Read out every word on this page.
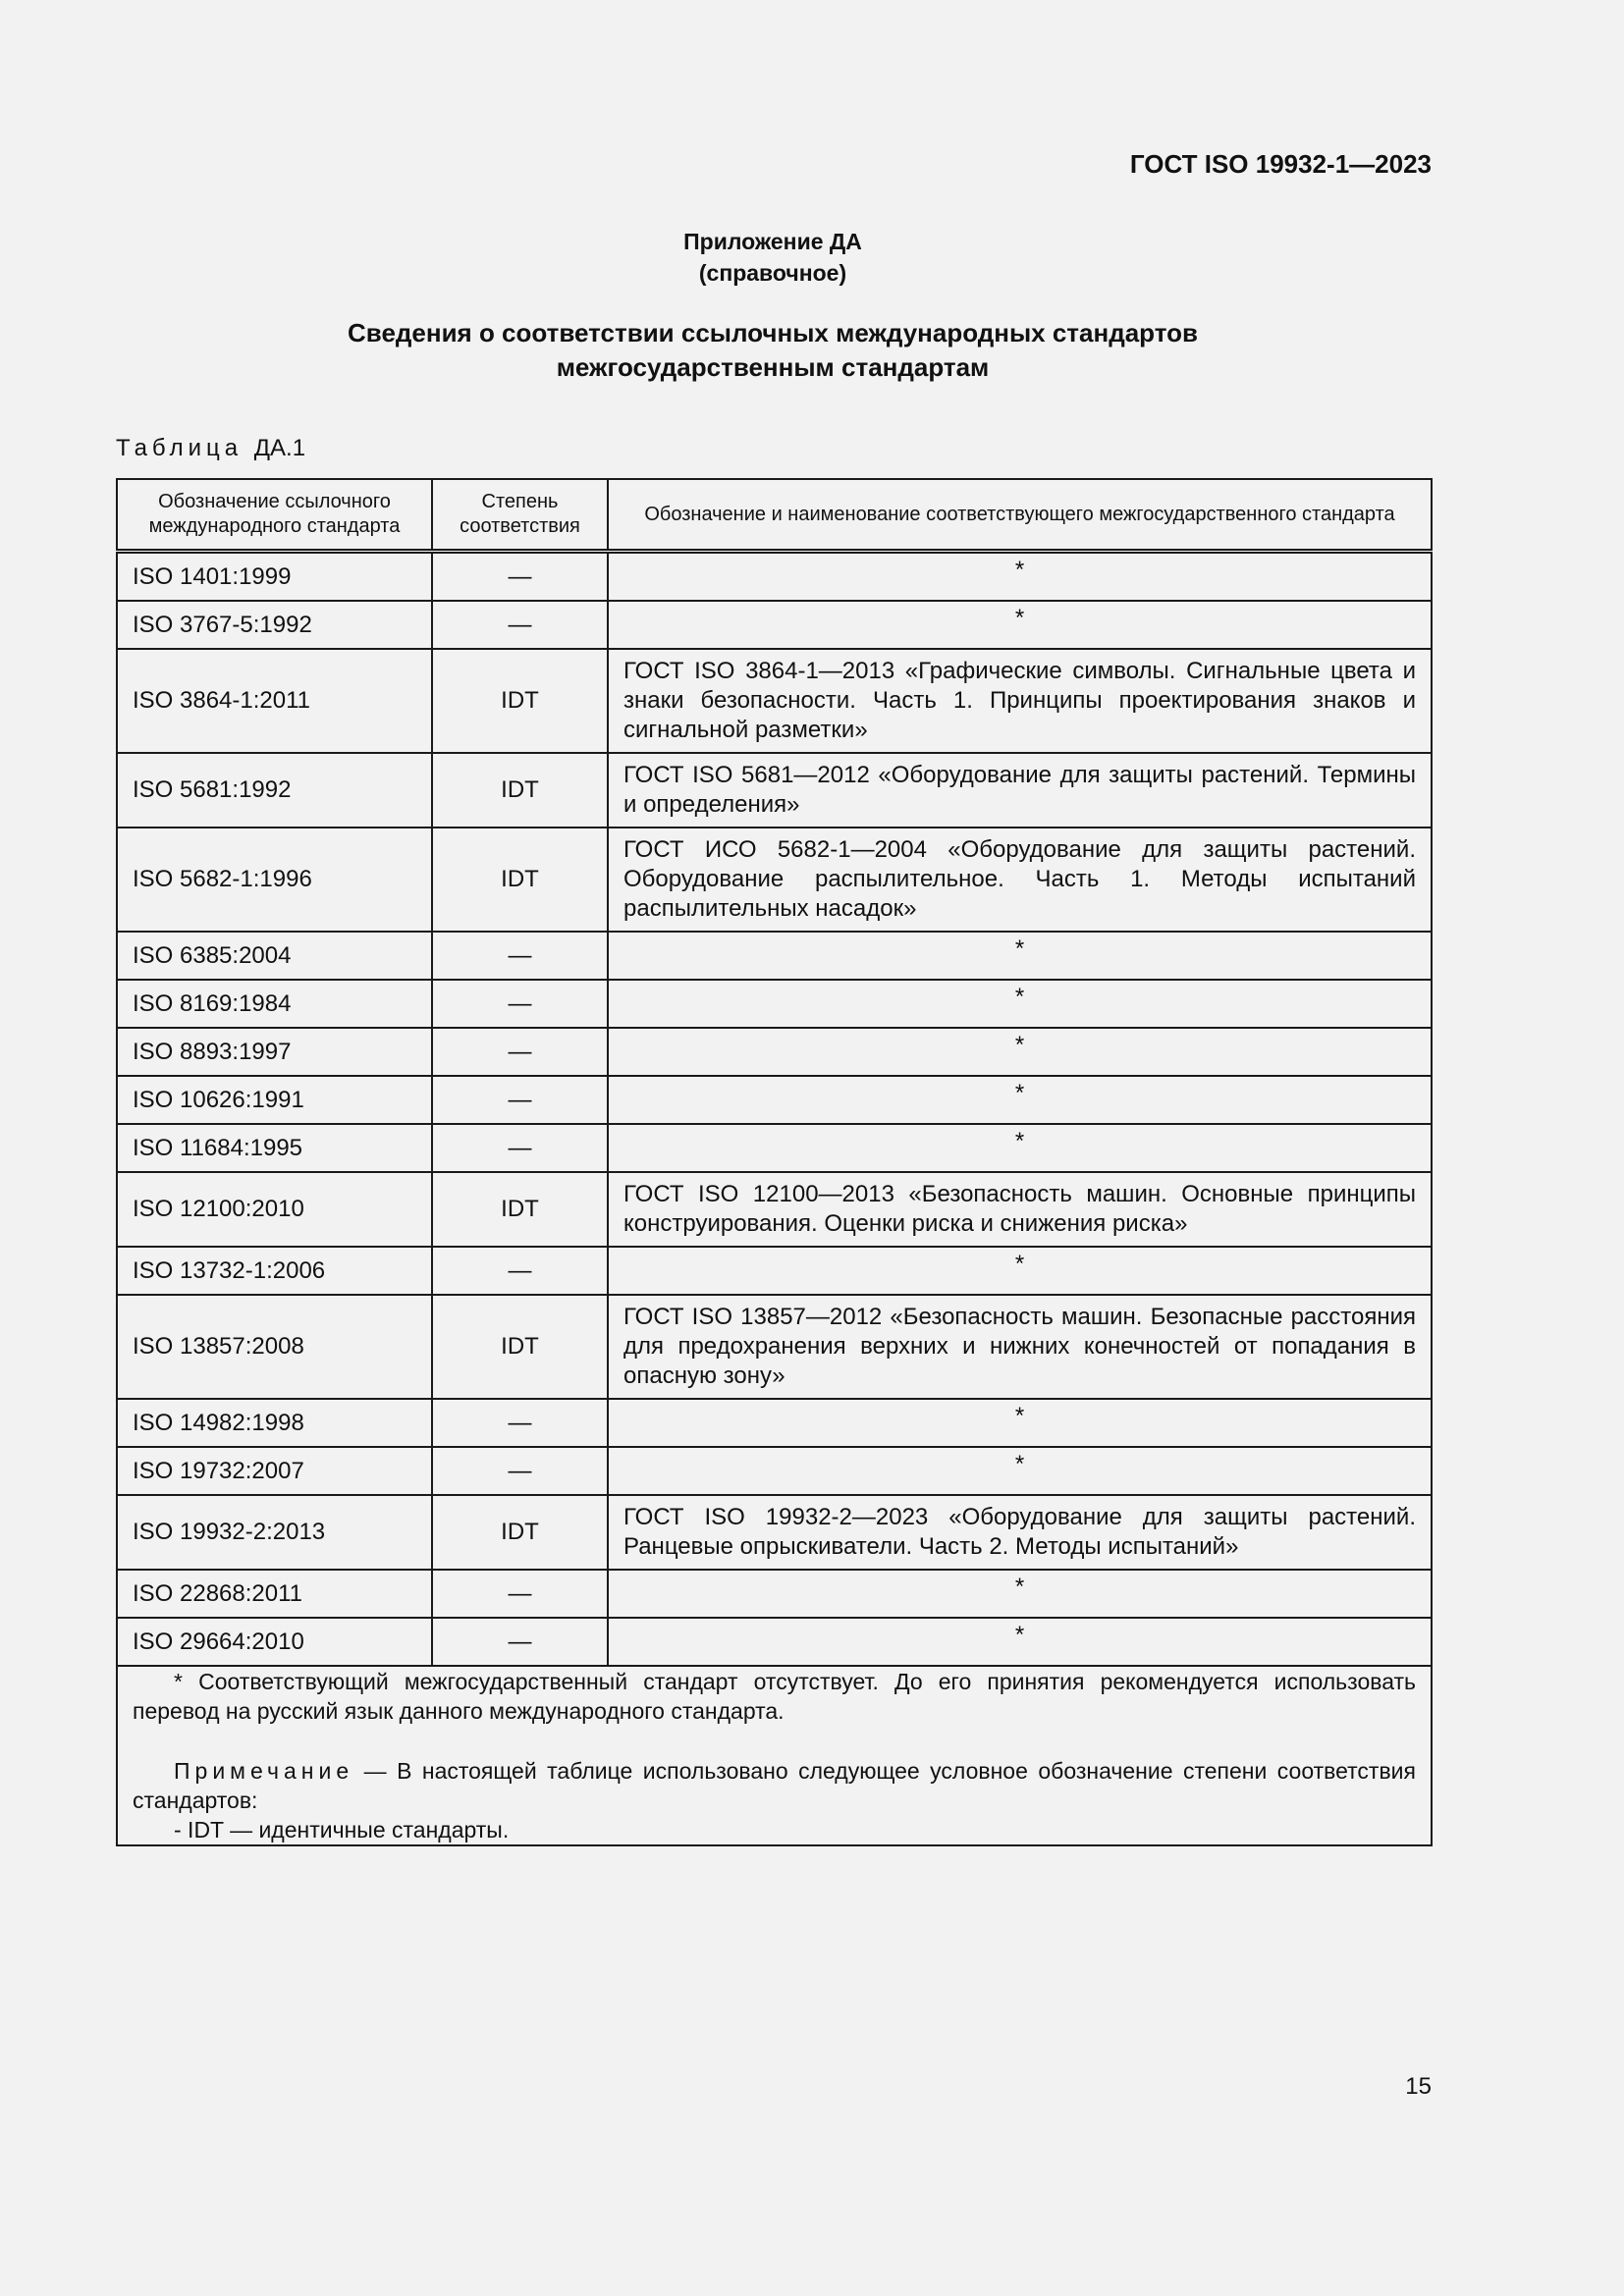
ГОСТ ISO 19932-1—2023
Приложение ДА
(справочное)
Сведения о соответствии ссылочных международных стандартов
межгосударственным стандартам
Таблица ДА.1
Обозначение ссылочного международного стандарта	Степень соответствия	Обозначение и наименование соответствующего межгосударственного стандарта
ISO 1401:1999	—	*
ISO 3767-5:1992	—	*
ISO 3864-1:2011	IDT	ГОСТ ISO 3864-1—2013 «Графические символы. Сигнальные цвета и знаки безопасности. Часть 1. Принципы проектирования знаков и сигнальной разметки»
ISO 5681:1992	IDT	ГОСТ ISO 5681—2012 «Оборудование для защиты растений. Термины и определения»
ISO 5682-1:1996	IDT	ГОСТ ИСО 5682-1—2004 «Оборудование для защиты растений. Оборудование распылительное. Часть 1. Методы испытаний распылительных насадок»
ISO 6385:2004	—	*
ISO 8169:1984	—	*
ISO 8893:1997	—	*
ISO 10626:1991	—	*
ISO 11684:1995	—	*
ISO 12100:2010	IDT	ГОСТ ISO 12100—2013 «Безопасность машин. Основные принципы конструирования. Оценки риска и снижения риска»
ISO 13732-1:2006	—	*
ISO 13857:2008	IDT	ГОСТ ISO 13857—2012 «Безопасность машин. Безопасные расстояния для предохранения верхних и нижних конечностей от попадания в опасную зону»
ISO 14982:1998	—	*
ISO 19732:2007	—	*
ISO 19932-2:2013	IDT	ГОСТ ISO 19932-2—2023 «Оборудование для защиты растений. Ранцевые опрыскиватели. Часть 2. Методы испытаний»
ISO 22868:2011	—	*
ISO 29664:2010	—	*

* Соответствующий межгосударственный стандарт отсутствует. До его принятия рекомендуется использовать перевод на русский язык данного международного стандарта.

Примечание — В настоящей таблице использовано следующее условное обозначение степени соответствия стандартов:

- IDT — идентичные стандарты.		

15
